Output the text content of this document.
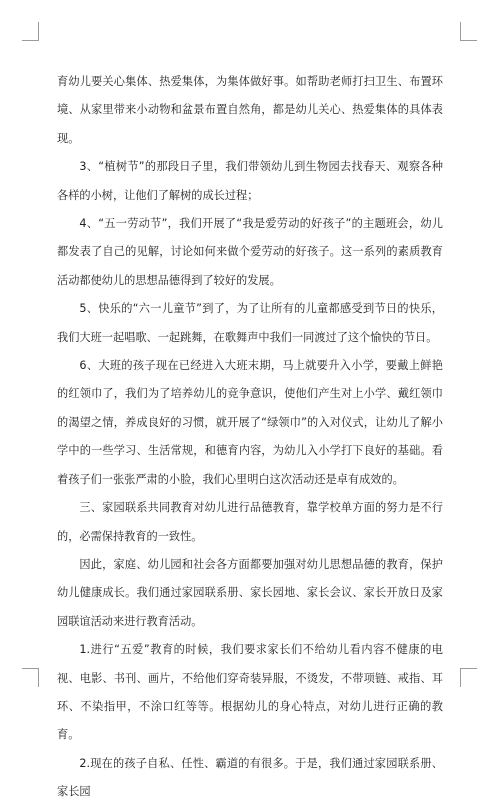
育幼儿要关心集体、热爱集体，为集体做好事。如帮助老师打扫卫生、布置环境、从家里带来小动物和盆景布置自然角，都是幼儿关心、热爱集体的具体表现。

3、“植树节”的那段日子里，我们带领幼儿到生物园去找春天、观察各种各样的小树，让他们了解树的成长过程；

4、“五一劳动节”，我们开展了“我是爱劳动的好孩子”的主题班会，幼儿都发表了自己的见解，讨论如何来做个爱劳动的好孩子。这一系列的素质教育活动都使幼儿的思想品德得到了较好的发展。

5、快乐的“六一儿童节”到了，为了让所有的儿童都感受到节日的快乐，我们大班一起唱歌、一起跳舞，在歌舞声中我们一同渡过了这个愉快的节日。

6、大班的孩子现在已经进入大班末期，马上就要升入小学，要戴上鲜艳的红领巾了，我们为了培养幼儿的竞争意识，使他们产生对上小学、戴红领巾的渴望之情，养成良好的习惯，就开展了“绿领巾”的入对仪式，让幼儿了解小学中的一些学习、生活常规，和德育内容，为幼儿入小学打下良好的基础。看着孩子们一张张严肃的小脸，我们心里明白这次活动还是卓有成效的。

三、家园联系共同教育对幼儿进行品德教育，靠学校单方面的努力是不行的，必需保持教育的一致性。

因此，家庭、幼儿园和社会各方面都要加强对幼儿思想品德的教育，保护幼儿健康成长。我们通过家园联系册、家长园地、家长会议、家长开放日及家园联谊活动来进行教育活动。

1.进行“五爱”教育的时候，我们要求家长们不给幼儿看内容不健康的电视、电影、书刊、画片，不给他们穿奇装异服，不烫发，不带项链、戒指、耳环、不染指甲，不涂口红等等。根据幼儿的身心特点，对幼儿进行正确的教育。

2.现在的孩子自私、任性、霸道的有很多。于是，我们通过家园联系册、家长园
